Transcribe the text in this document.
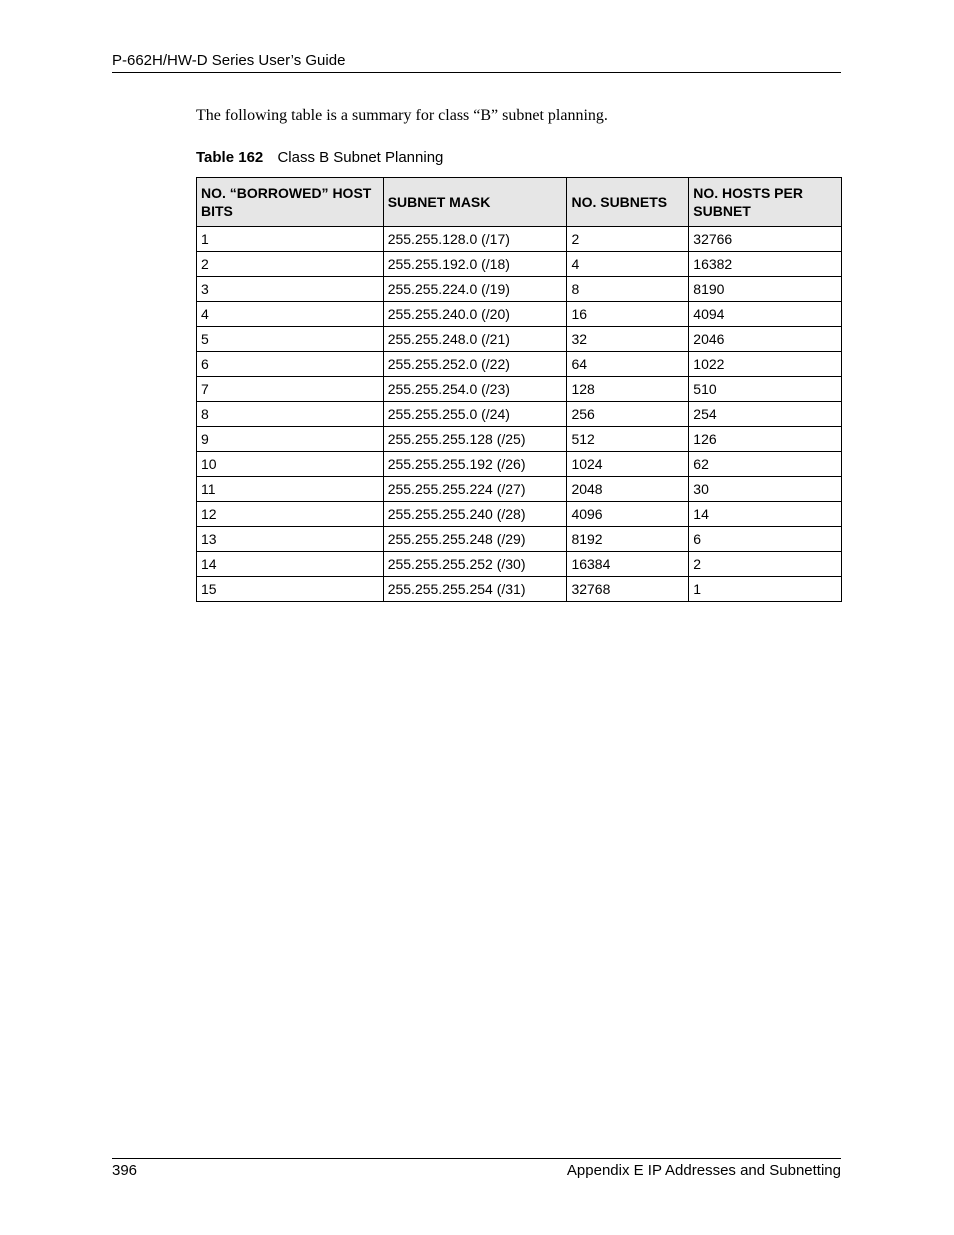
P-662H/HW-D Series User’s Guide
The following table is a summary for class “B” subnet planning.
Table 162 Class B Subnet Planning
NO. “BORROWED” HOST BITS	SUBNET MASK	NO. SUBNETS	NO. HOSTS PER SUBNET
1	255.255.128.0 (/17)	2	32766
2	255.255.192.0 (/18)	4	16382
3	255.255.224.0 (/19)	8	8190
4	255.255.240.0 (/20)	16	4094
5	255.255.248.0 (/21)	32	2046
6	255.255.252.0 (/22)	64	1022
7	255.255.254.0 (/23)	128	510
8	255.255.255.0 (/24)	256	254
9	255.255.255.128 (/25)	512	126
10	255.255.255.192 (/26)	1024	62
11	255.255.255.224 (/27)	2048	30
12	255.255.255.240 (/28)	4096	14
13	255.255.255.248 (/29)	8192	6
14	255.255.255.252 (/30)	16384	2
15	255.255.255.254 (/31)	32768	1
396	Appendix E IP Addresses and Subnetting
